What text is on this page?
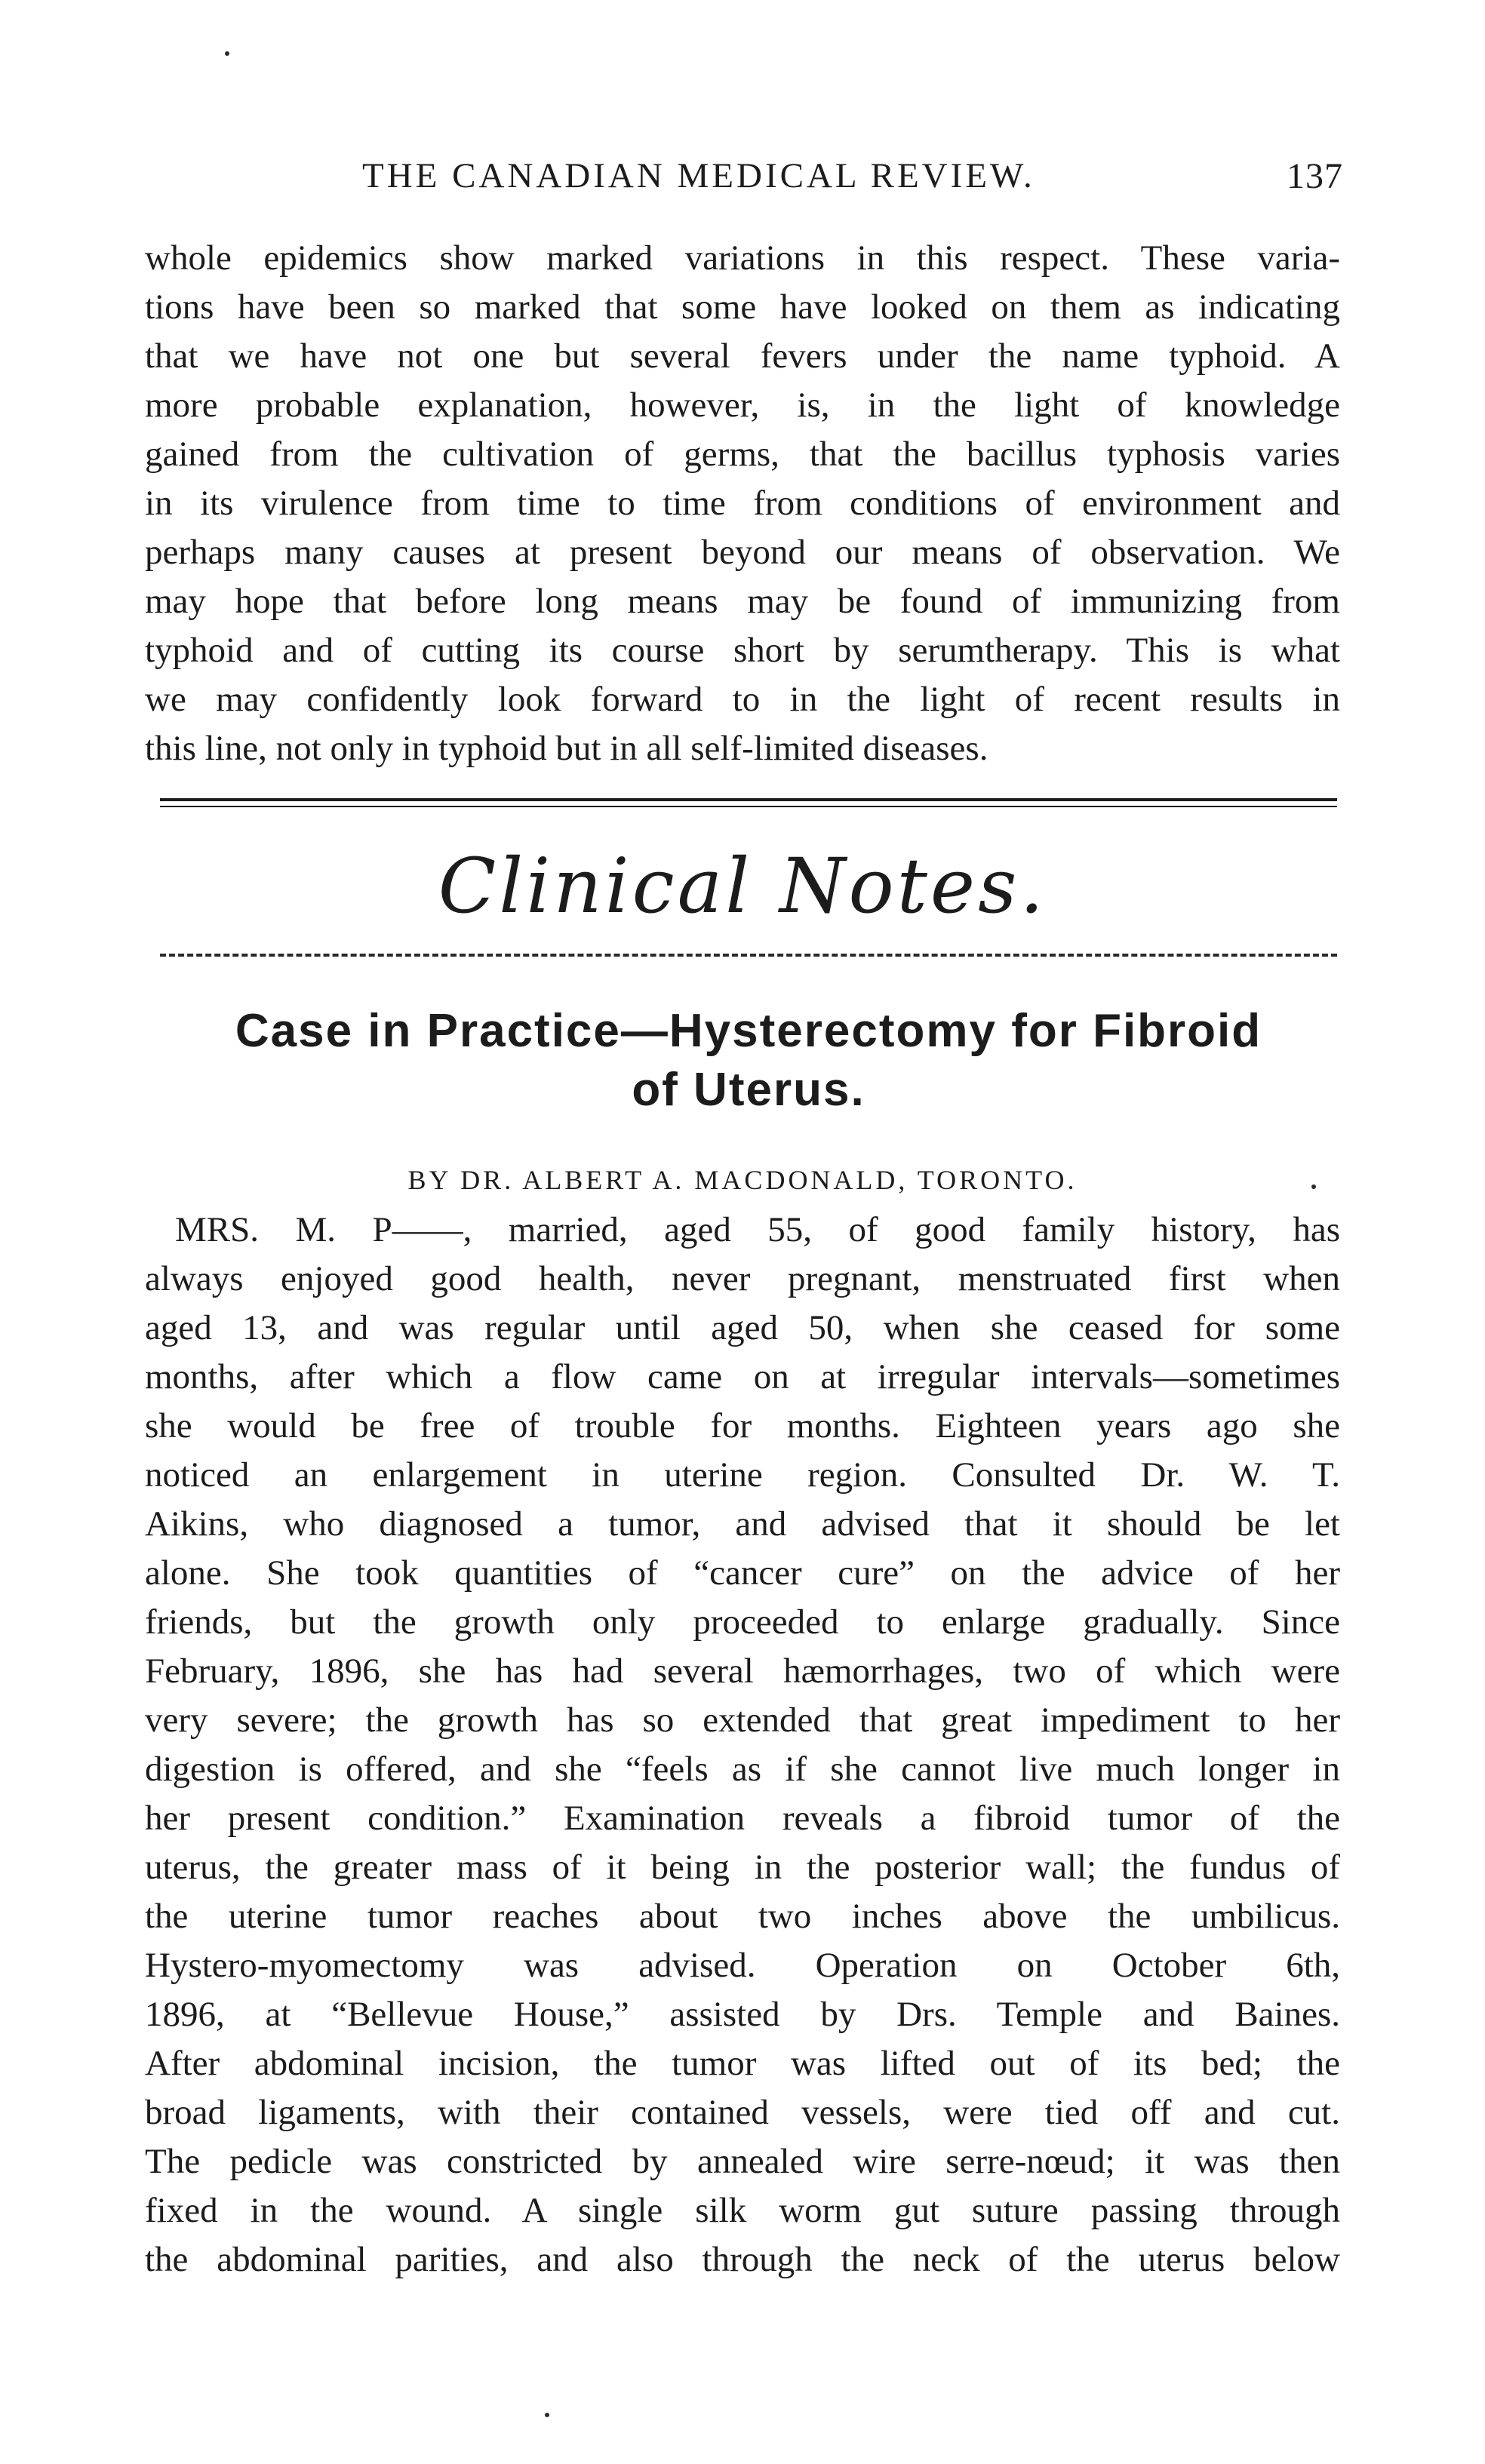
THE CANADIAN MEDICAL REVIEW.	137
whole epidemics show marked variations in this respect. These varia-
tions have been so marked that some have looked on them as indicating
that we have not one but several fevers under the name typhoid. A
more probable explanation, however, is, in the light of knowledge
gained from the cultivation of germs, that the bacillus typhosis varies
in its virulence from time to time from conditions of environment and
perhaps many causes at present beyond our means of observation. We
may hope that before long means may be found of immunizing from
typhoid and of cutting its course short by serumtherapy. This is what
we may confidently look forward to in the light of recent results in
this line, not only in typhoid but in all self-limited diseases.
Clinical Notes.
Case in Practice—Hysterectomy for Fibroid
of Uterus.
BY DR. ALBERT A. MACDONALD, TORONTO.
MRS. M. P——, married, aged 55, of good family history, has
always enjoyed good health, never pregnant, menstruated first when
aged 13, and was regular until aged 50, when she ceased for some
months, after which a flow came on at irregular intervals—sometimes
she would be free of trouble for months. Eighteen years ago she
noticed an enlargement in uterine region. Consulted Dr. W. T.
Aikins, who diagnosed a tumor, and advised that it should be let
alone. She took quantities of “cancer cure” on the advice of her
friends, but the growth only proceeded to enlarge gradually. Since
February, 1896, she has had several hæmorrhages, two of which were
very severe; the growth has so extended that great impediment to her
digestion is offered, and she “feels as if she cannot live much longer in
her present condition.” Examination reveals a fibroid tumor of the
uterus, the greater mass of it being in the posterior wall; the fundus of
the uterine tumor reaches about two inches above the umbilicus.
Hystero-myomectomy was advised. Operation on October 6th,
1896, at “Bellevue House,” assisted by Drs. Temple and Baines.
After abdominal incision, the tumor was lifted out of its bed; the
broad ligaments, with their contained vessels, were tied off and cut.
The pedicle was constricted by annealed wire serre-nœud; it was then
fixed in the wound. A single silk worm gut suture passing through
the abdominal parities, and also through the neck of the uterus below
